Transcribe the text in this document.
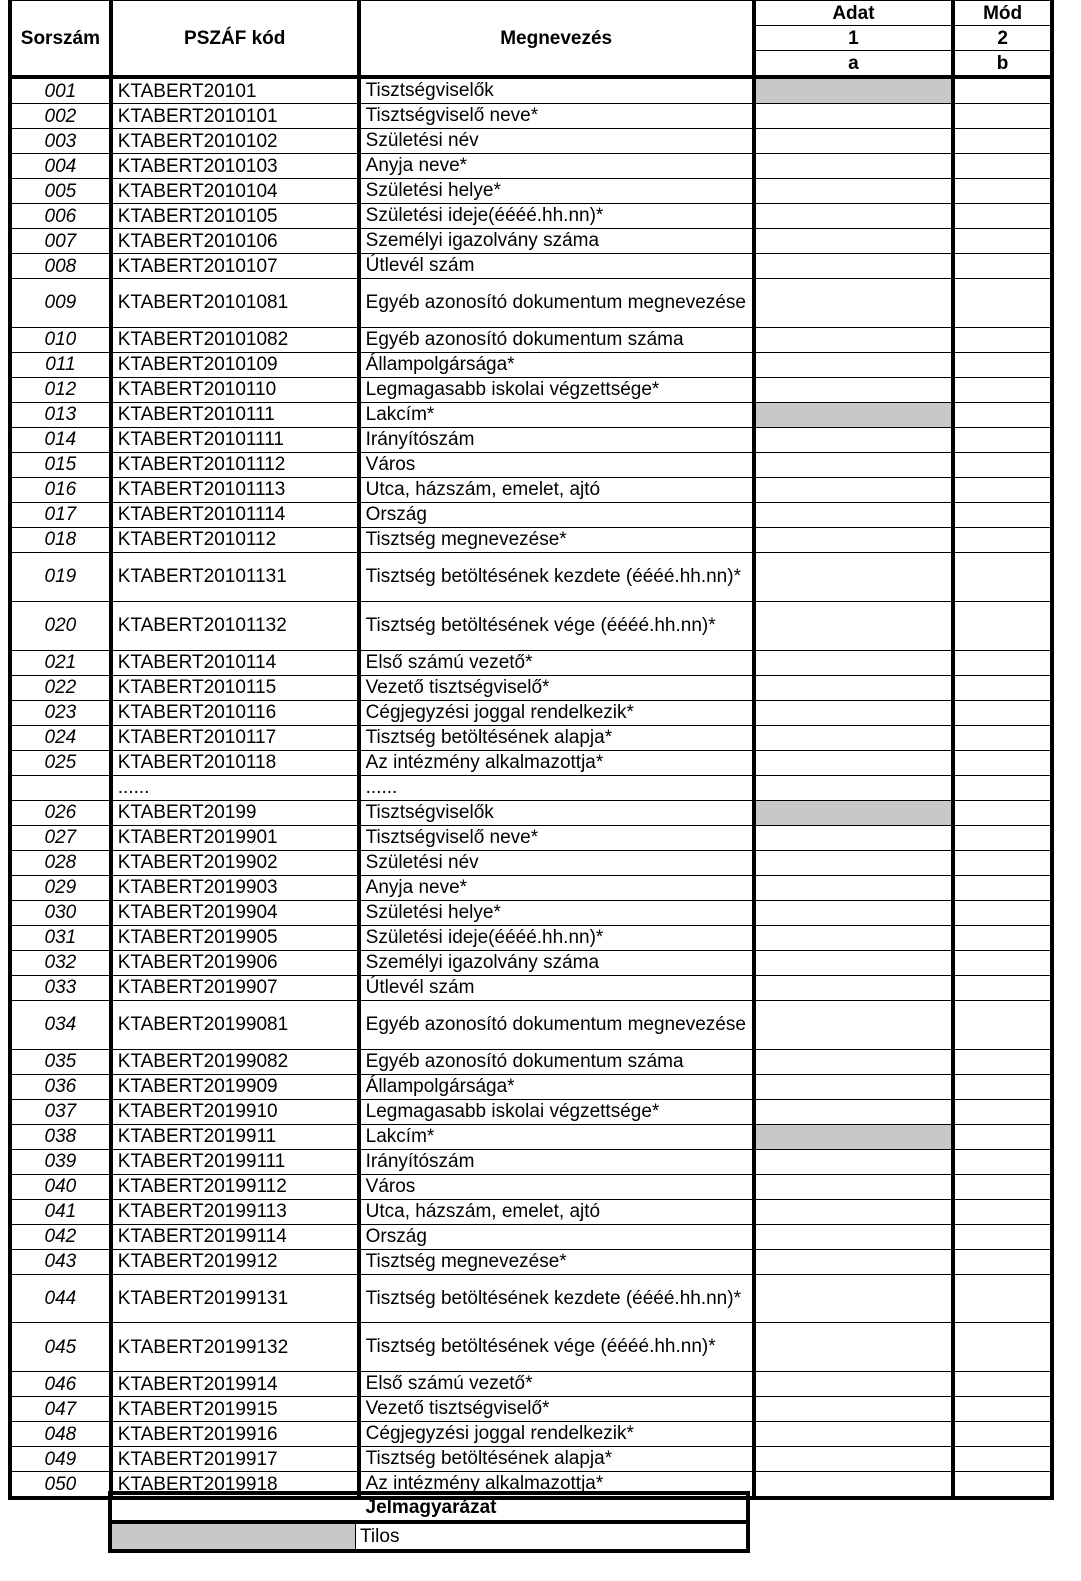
Sorszám	PSZÁF kód	Megnevezés	Adat	Mód
			1	2
			a	b
001	KTABERT20101	Tisztségviselők		
002	KTABERT2010101	Tisztségviselő neve*		
003	KTABERT2010102	Születési név		
004	KTABERT2010103	Anyja neve*		
005	KTABERT2010104	Születési helye*		
006	KTABERT2010105	Születési ideje(éééé.hh.nn)*		
007	KTABERT2010106	Személyi igazolvány száma		
008	KTABERT2010107	Útlevél szám		
009	KTABERT20101081	Egyéb azonosító dokumentum megnevezése		
010	KTABERT20101082	Egyéb azonosító dokumentum száma		
011	KTABERT2010109	Állampolgársága*		
012	KTABERT2010110	Legmagasabb iskolai végzettsége*		
013	KTABERT2010111	Lakcím*		
014	KTABERT20101111	Irányítószám		
015	KTABERT20101112	Város		
016	KTABERT20101113	Utca, házszám, emelet, ajtó		
017	KTABERT20101114	Ország		
018	KTABERT2010112	Tisztség megnevezése*		
019	KTABERT20101131	Tisztség betöltésének kezdete (éééé.hh.nn)*		
020	KTABERT20101132	Tisztség betöltésének vége (éééé.hh.nn)*		
021	KTABERT2010114	Első számú vezető*		
022	KTABERT2010115	Vezető tisztségviselő*		
023	KTABERT2010116	Cégjegyzési joggal rendelkezik*		
024	KTABERT2010117	Tisztség betöltésének alapja*		
025	KTABERT2010118	Az intézmény alkalmazottja*		
	......	......		
026	KTABERT20199	Tisztségviselők		
027	KTABERT2019901	Tisztségviselő neve*		
028	KTABERT2019902	Születési név		
029	KTABERT2019903	Anyja neve*		
030	KTABERT2019904	Születési helye*		
031	KTABERT2019905	Születési ideje(éééé.hh.nn)*		
032	KTABERT2019906	Személyi igazolvány száma		
033	KTABERT2019907	Útlevél szám		
034	KTABERT20199081	Egyéb azonosító dokumentum megnevezése		
035	KTABERT20199082	Egyéb azonosító dokumentum száma		
036	KTABERT2019909	Állampolgársága*		
037	KTABERT2019910	Legmagasabb iskolai végzettsége*		
038	KTABERT2019911	Lakcím*		
039	KTABERT20199111	Irányítószám		
040	KTABERT20199112	Város		
041	KTABERT20199113	Utca, házszám, emelet, ajtó		
042	KTABERT20199114	Ország		
043	KTABERT2019912	Tisztség megnevezése*		
044	KTABERT20199131	Tisztség betöltésének kezdete (éééé.hh.nn)*		
045	KTABERT20199132	Tisztség betöltésének vége (éééé.hh.nn)*		
046	KTABERT2019914	Első számú vezető*		
047	KTABERT2019915	Vezető tisztségviselő*		
048	KTABERT2019916	Cégjegyzési joggal rendelkezik*		
049	KTABERT2019917	Tisztség betöltésének alapja*		
050	KTABERT2019918	Az intézmény alkalmazottja*		
Jelmagyarázat
	Tilos
